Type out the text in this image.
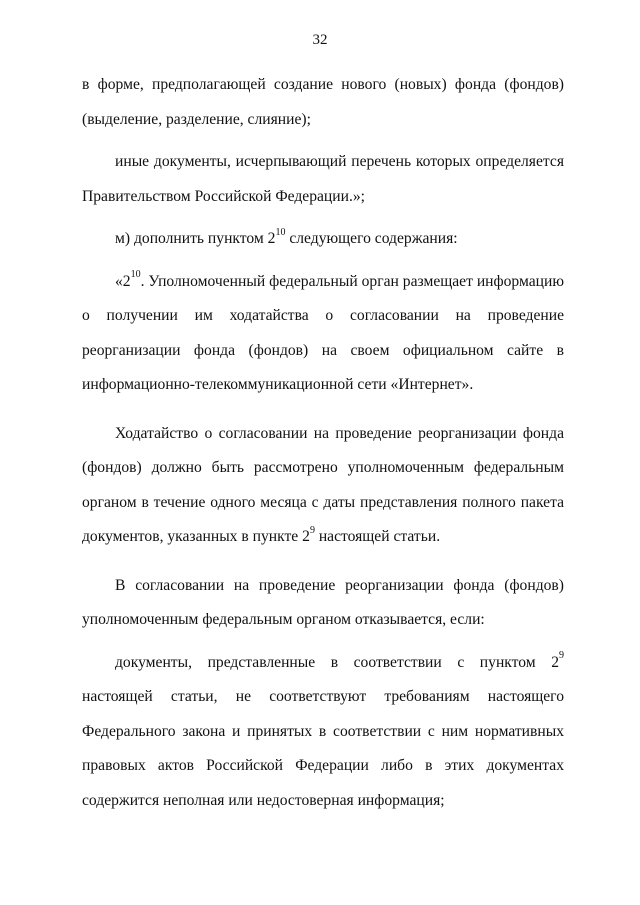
32

в форме, предполагающей создание нового (новых) фонда (фондов) (выделение, разделение, слияние);

иные документы, исчерпывающий перечень которых определяется Правительством Российской Федерации.»;

м) дополнить пунктом $2^{10}$ следующего содержания:

«$2^{10}$. Уполномоченный федеральный орган размещает информацию о получении им ходатайства о согласовании на проведение реорганизации фонда (фондов) на своем официальном сайте в информационно-телекоммуникационной сети «Интернет».

Ходатайство о согласовании на проведение реорганизации фонда (фондов) должно быть рассмотрено уполномоченным федеральным органом в течение одного месяца с даты представления полного пакета документов, указанных в пункте $2^9$ настоящей статьи.

В согласовании на проведение реорганизации фонда (фондов) уполномоченным федеральным органом отказывается, если:

документы, представленные в соответствии с пунктом $2^9$ настоящей статьи, не соответствуют требованиям настоящего Федерального закона и принятых в соответствии с ним нормативных правовых актов Российской Федерации либо в этих документах содержится неполная или недостоверная информация;
